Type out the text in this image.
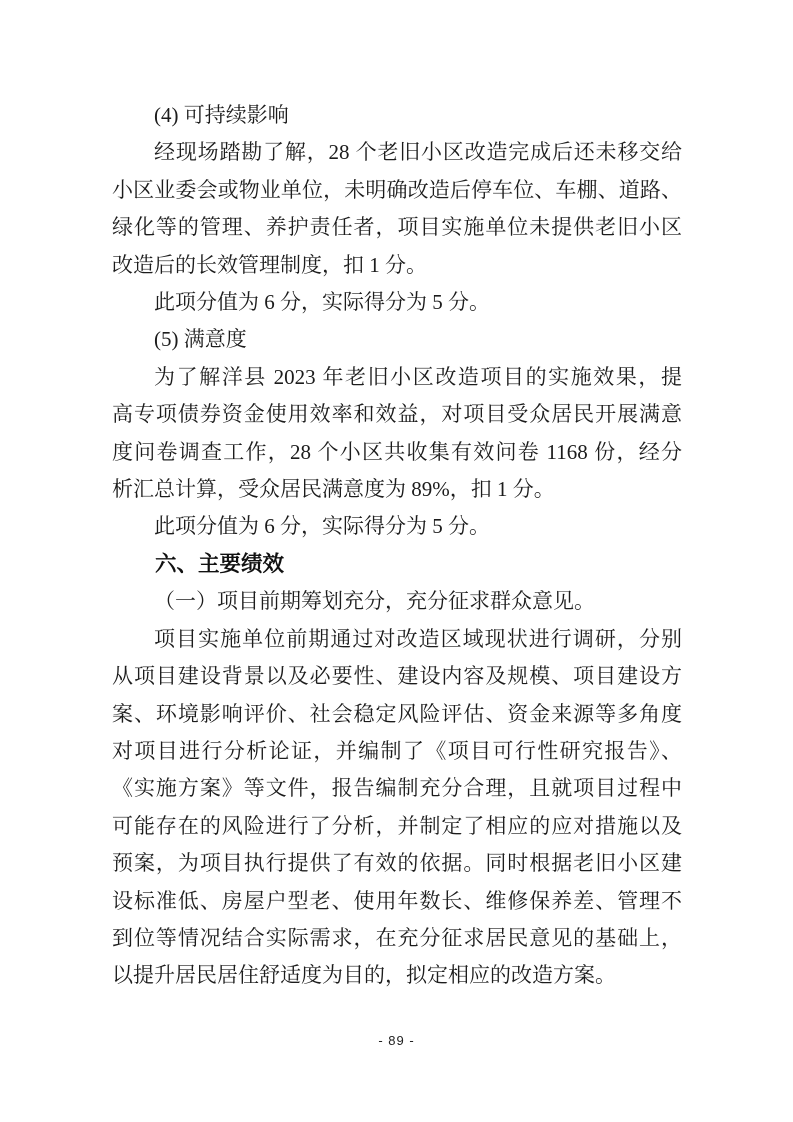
(4) 可持续影响
经现场踏勘了解，28 个老旧小区改造完成后还未移交给
小区业委会或物业单位，未明确改造后停车位、车棚、道路、
绿化等的管理、养护责任者，项目实施单位未提供老旧小区
改造后的长效管理制度，扣 1 分。
此项分值为 6 分，实际得分为 5 分。
(5) 满意度
为了解洋县 2023 年老旧小区改造项目的实施效果，提
高专项债券资金使用效率和效益，对项目受众居民开展满意
度问卷调查工作，28 个小区共收集有效问卷 1168 份，经分
析汇总计算，受众居民满意度为 89%，扣 1 分。
此项分值为 6 分，实际得分为 5 分。
六、主要绩效
（一）项目前期筹划充分，充分征求群众意见。
项目实施单位前期通过对改造区域现状进行调研，分别
从项目建设背景以及必要性、建设内容及规模、项目建设方
案、环境影响评价、社会稳定风险评估、资金来源等多角度
对项目进行分析论证，并编制了《项目可行性研究报告》、
《实施方案》等文件，报告编制充分合理，且就项目过程中
可能存在的风险进行了分析，并制定了相应的应对措施以及
预案，为项目执行提供了有效的依据。同时根据老旧小区建
设标准低、房屋户型老、使用年数长、维修保养差、管理不
到位等情况结合实际需求，在充分征求居民意见的基础上，
以提升居民居住舒适度为目的，拟定相应的改造方案。
- 89 -
